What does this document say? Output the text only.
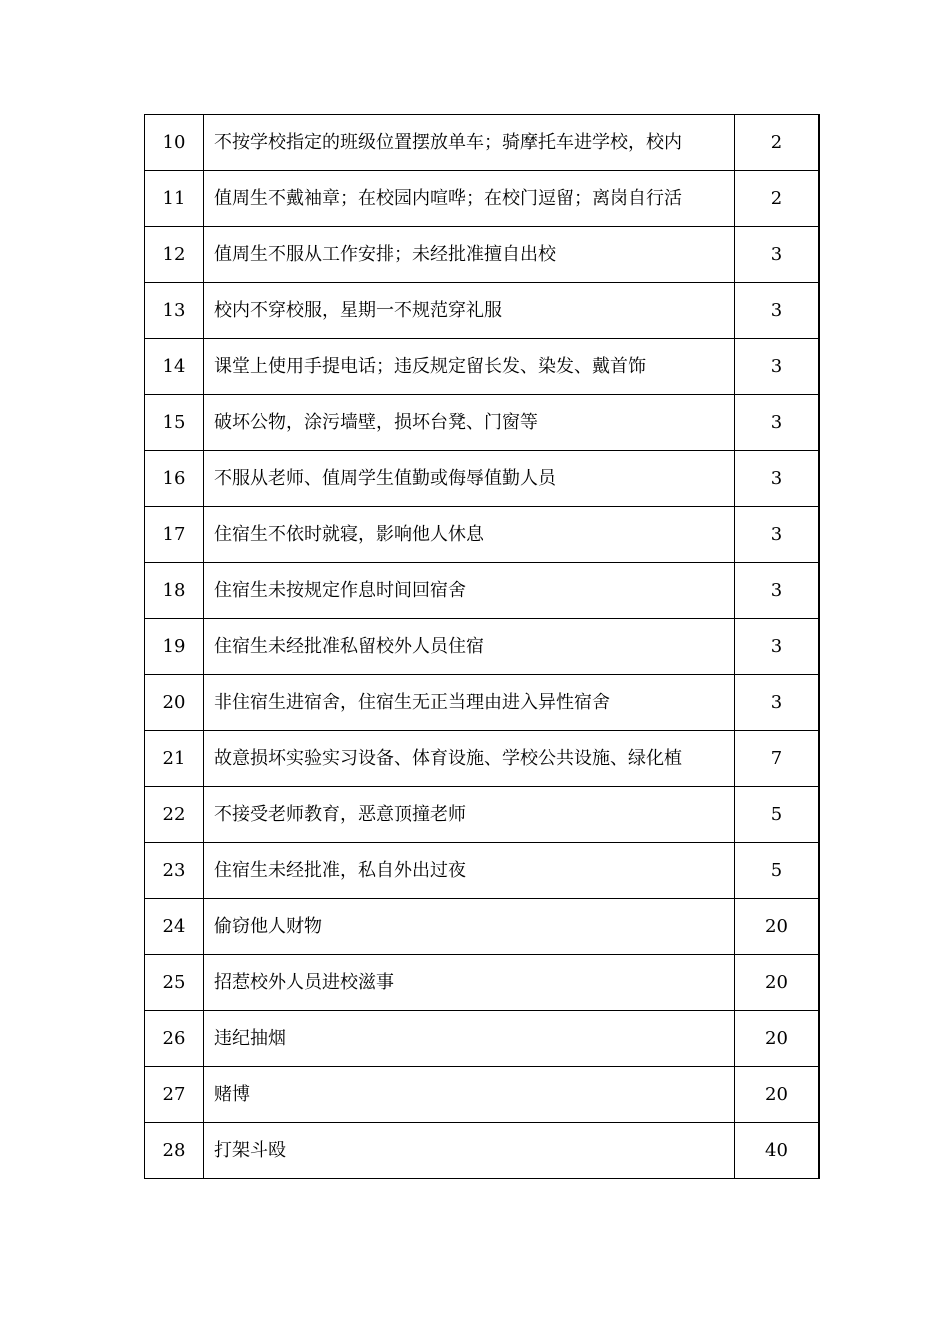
10	不按学校指定的班级位置摆放单车；骑摩托车进学校，校内	2
11	值周生不戴袖章；在校园内喧哗；在校门逗留；离岗自行活	2
12	值周生不服从工作安排；未经批准擅自出校	3
13	校内不穿校服，星期一不规范穿礼服	3
14	课堂上使用手提电话；违反规定留长发、染发、戴首饰	3
15	破坏公物，涂污墙壁，损坏台凳、门窗等	3
16	不服从老师、值周学生值勤或侮辱值勤人员	3
17	住宿生不依时就寝，影响他人休息	3
18	住宿生未按规定作息时间回宿舍	3
19	住宿生未经批准私留校外人员住宿	3
20	非住宿生进宿舍，住宿生无正当理由进入异性宿舍	3
21	故意损坏实验实习设备、体育设施、学校公共设施、绿化植	7
22	不接受老师教育，恶意顶撞老师	5
23	住宿生未经批准，私自外出过夜	5
24	偷窃他人财物	20
25	招惹校外人员进校滋事	20
26	违纪抽烟	20
27	赌博	20
28	打架斗殴	40
